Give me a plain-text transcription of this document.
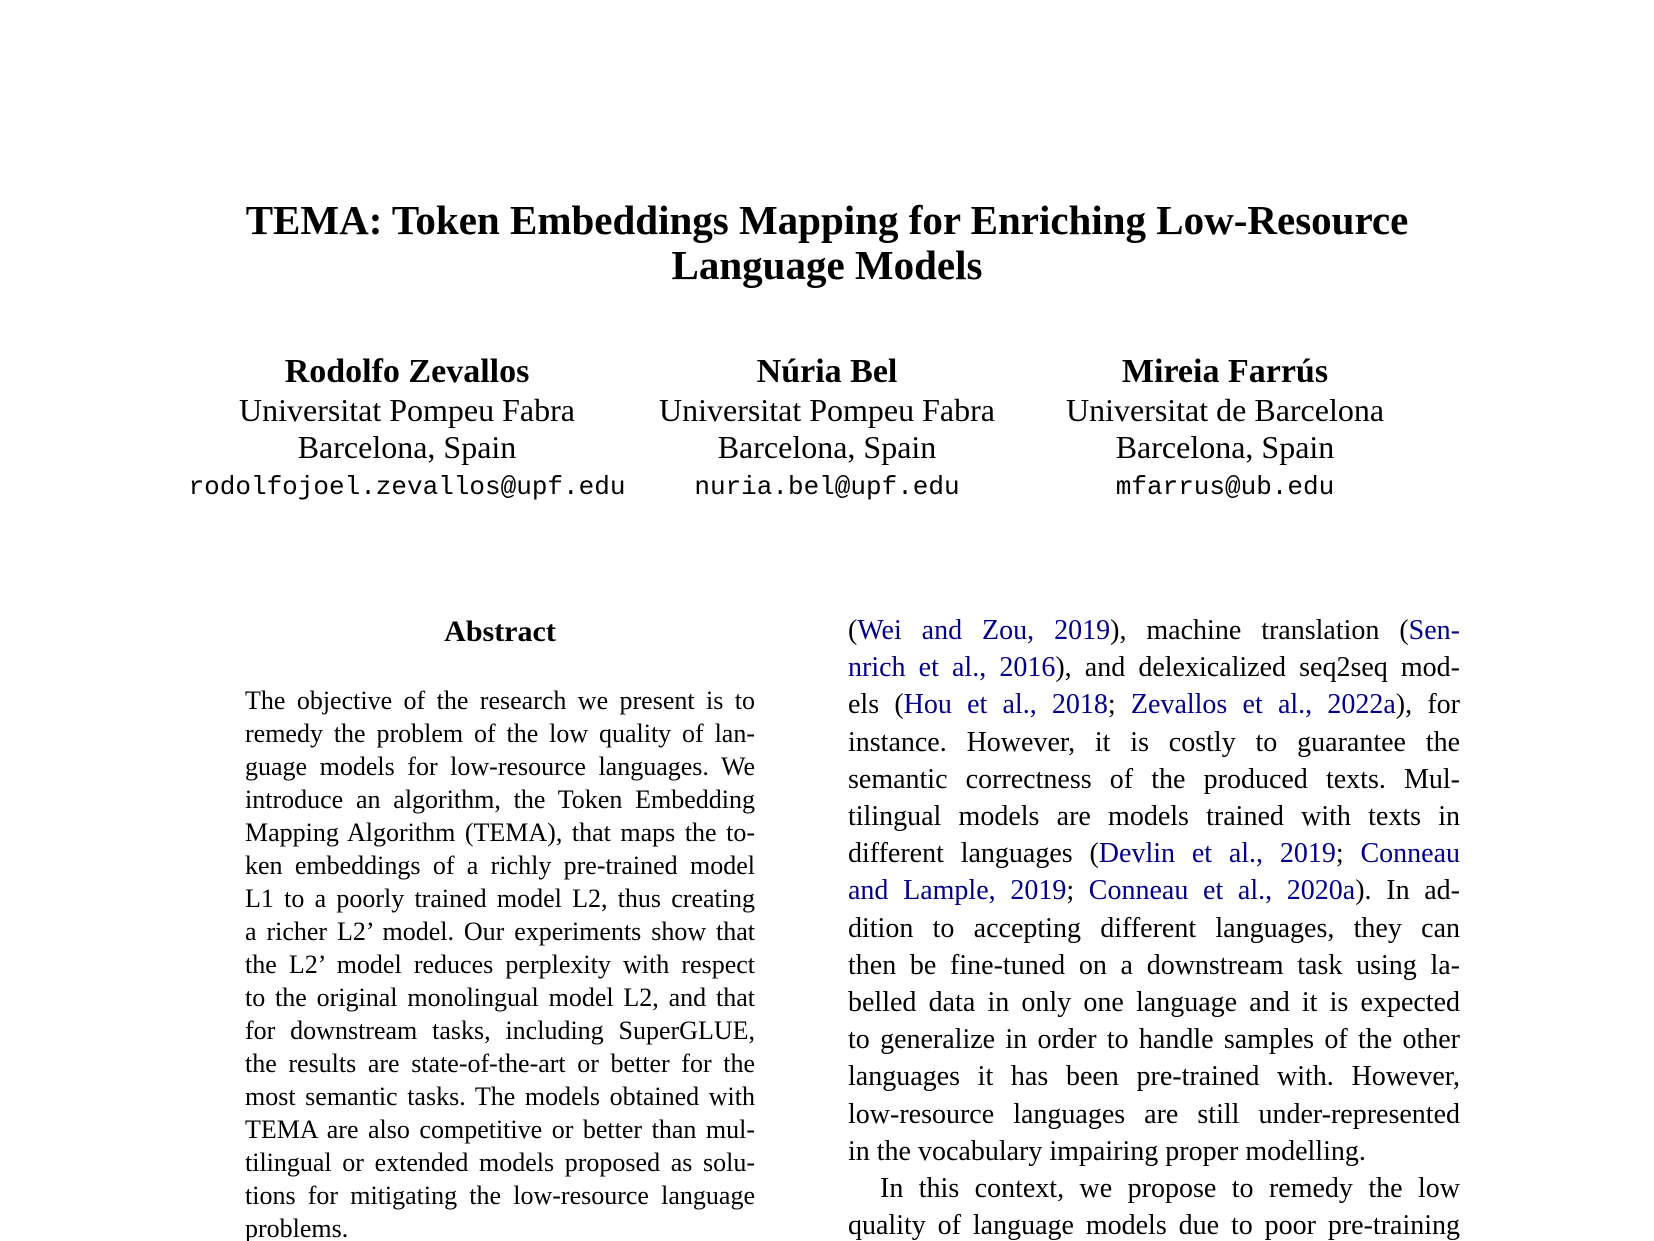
TEMA: Token Embeddings Mapping for Enriching Low-Resource
Language Models
Rodolfo Zevallos
Universitat Pompeu Fabra
Barcelona, Spain
rodolfojoel.zevallos@upf.edu
Núria Bel
Universitat Pompeu Fabra
Barcelona, Spain
nuria.bel@upf.edu
Mireia Farrús
Universitat de Barcelona
Barcelona, Spain
mfarrus@ub.edu
Abstract
The objective of the research we present is to
remedy the problem of the low quality of lan-
guage models for low-resource languages. We
introduce an algorithm, the Token Embedding
Mapping Algorithm (TEMA), that maps the to-
ken embeddings of a richly pre-trained model
L1 to a poorly trained model L2, thus creating
a richer L2’ model. Our experiments show that
the L2’ model reduces perplexity with respect
to the original monolingual model L2, and that
for downstream tasks, including SuperGLUE,
the results are state-of-the-art or better for the
most semantic tasks. The models obtained with
TEMA are also competitive or better than mul-
tilingual or extended models proposed as solu-
tions for mitigating the low-resource language
problems.
(Wei and Zou, 2019), machine translation (Sen-
nrich et al., 2016), and delexicalized seq2seq mod-
els (Hou et al., 2018; Zevallos et al., 2022a), for
instance. However, it is costly to guarantee the
semantic correctness of the produced texts. Mul-
tilingual models are models trained with texts in
different languages (Devlin et al., 2019; Conneau
and Lample, 2019; Conneau et al., 2020a). In ad-
dition to accepting different languages, they can
then be fine-tuned on a downstream task using la-
belled data in only one language and it is expected
to generalize in order to handle samples of the other
languages it has been pre-trained with. However,
low-resource languages are still under-represented
in the vocabulary impairing proper modelling.
In this context, we propose to remedy the low
quality of language models due to poor pre-training
